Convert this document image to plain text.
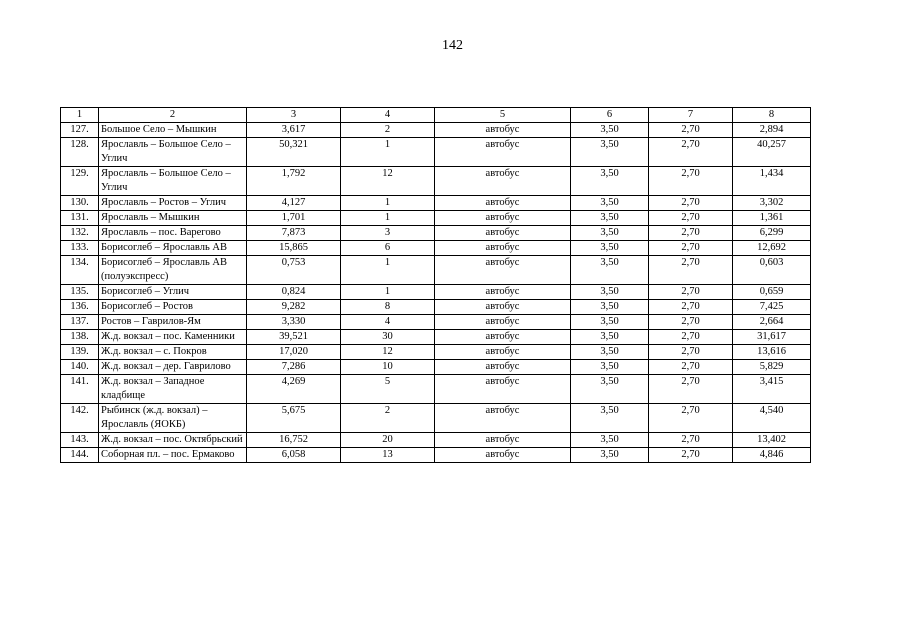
142
1	2	3	4	5	6	7	8
127.	Большое Село – Мышкин	3,617	2	автобус	3,50	2,70	2,894
128.	Ярославль – Большое Село – Углич	50,321	1	автобус	3,50	2,70	40,257
129.	Ярославль – Большое Село – Углич	1,792	12	автобус	3,50	2,70	1,434
130.	Ярославль – Ростов – Углич	4,127	1	автобус	3,50	2,70	3,302
131.	Ярославль – Мышкин	1,701	1	автобус	3,50	2,70	1,361
132.	Ярославль – пос. Вареговo	7,873	3	автобус	3,50	2,70	6,299
133.	Борисоглеб – Ярославль АВ	15,865	6	автобус	3,50	2,70	12,692
134.	Борисоглеб – Ярославль АВ (полуэкспресс)	0,753	1	автобус	3,50	2,70	0,603
135.	Борисоглеб – Углич	0,824	1	автобус	3,50	2,70	0,659
136.	Борисоглеб – Ростов	9,282	8	автобус	3,50	2,70	7,425
137.	Ростов – Гаврилов-Ям	3,330	4	автобус	3,50	2,70	2,664
138.	Ж.д. вокзал – пос. Каменники	39,521	30	автобус	3,50	2,70	31,617
139.	Ж.д. вокзал – с. Покров	17,020	12	автобус	3,50	2,70	13,616
140.	Ж.д. вокзал – дер. Гаврилово	7,286	10	автобус	3,50	2,70	5,829
141.	Ж.д. вокзал – Западное кладбище	4,269	5	автобус	3,50	2,70	3,415
142.	Рыбинск (ж.д. вокзал) – Ярославль (ЯОКБ)	5,675	2	автобус	3,50	2,70	4,540
143.	Ж.д. вокзал – пос. Октябрьский	16,752	20	автобус	3,50	2,70	13,402
144.	Соборная пл. – пос. Ермаково	6,058	13	автобус	3,50	2,70	4,846
